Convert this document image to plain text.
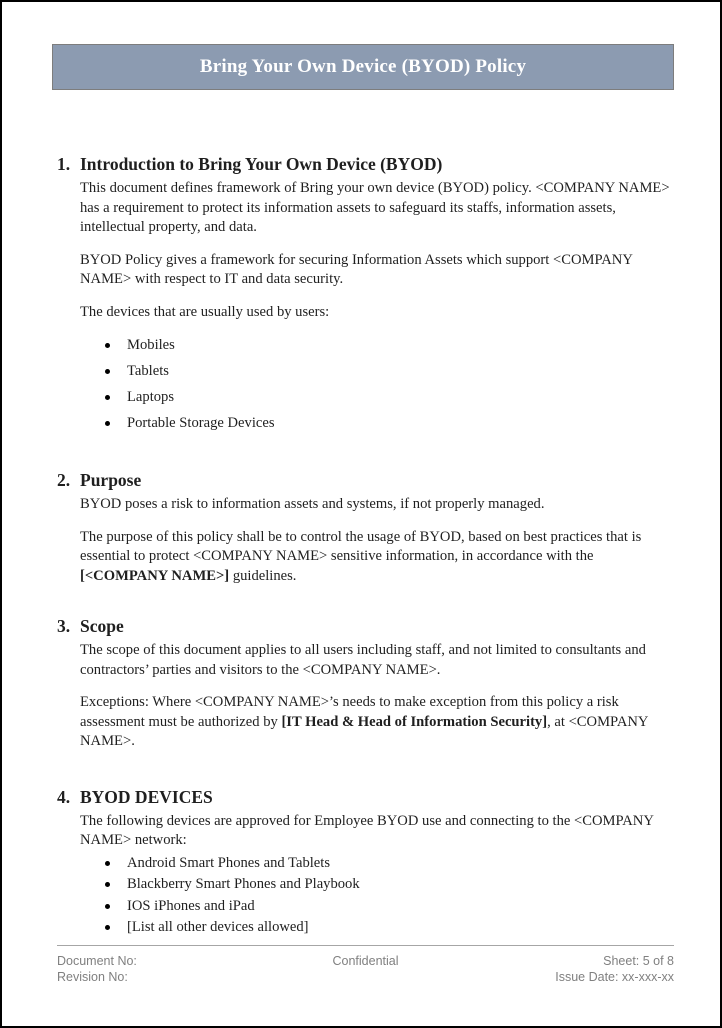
Bring Your Own Device (BYOD) Policy
1. Introduction to Bring Your Own Device (BYOD)

This document defines framework of Bring your own device (BYOD) policy. <COMPANY NAME> has a requirement to protect its information assets to safeguard its staffs, information assets, intellectual property, and data.

BYOD Policy gives a framework for securing Information Assets which support <COMPANY NAME> with respect to IT and data security.

The devices that are usually used by users:

Mobiles
Tablets
Laptops
Portable Storage Devices
2. Purpose

BYOD poses a risk to information assets and systems, if not properly managed.

The purpose of this policy shall be to control the usage of BYOD, based on best practices that is essential to protect <COMPANY NAME> sensitive information, in accordance with the [<COMPANY NAME>] guidelines.

3. Scope

The scope of this document applies to all users including staff, and not limited to consultants and contractors’ parties and visitors to the <COMPANY NAME>.

Exceptions: Where <COMPANY NAME>’s needs to make exception from this policy a risk assessment must be authorized by [IT Head & Head of Information Security], at <COMPANY NAME>.

4. BYOD DEVICES

The following devices are approved for Employee BYOD use and connecting to the <COMPANY NAME> network:

Android Smart Phones and Tablets
Blackberry Smart Phones and Playbook
IOS iPhones and iPad
[List all other devices allowed]
Document No:
Revision No:
Confidential	Sheet: 5 of 8
Issue Date: xx-xxx-xx
